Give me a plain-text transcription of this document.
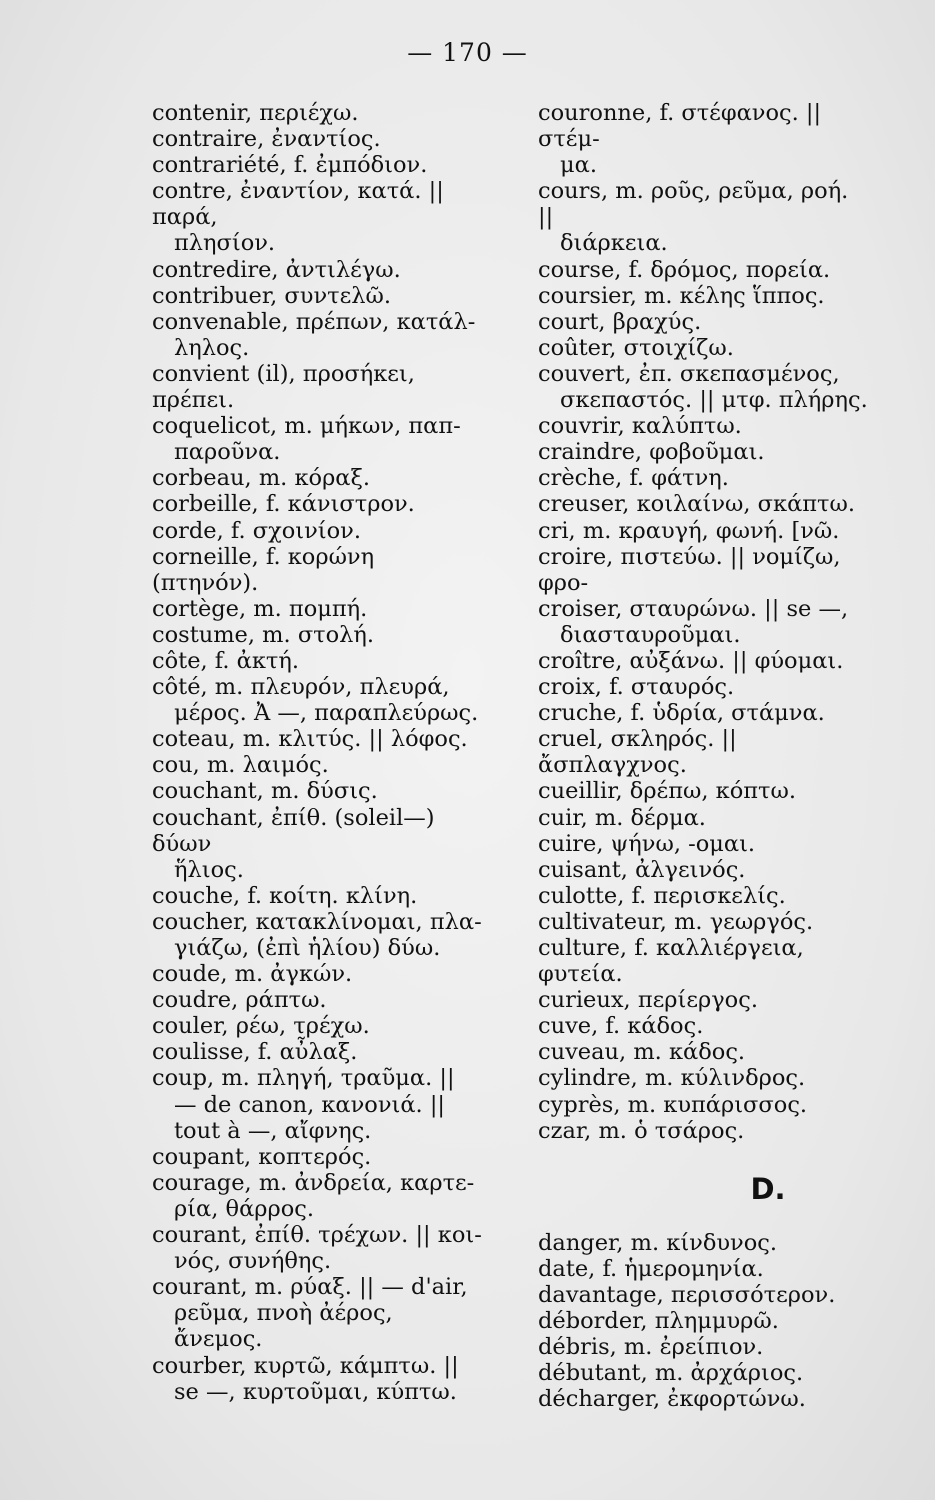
— 170 —
contenir, περιέχω.
contraire, ἐναντίος.
contrariété, f. ἐμπόδιον.
contre, ἐναντίον, κατά. || παρά,
πλησίον.
contredire, ἀντιλέγω.
contribuer, συντελῶ.
convenable, πρέπων, κατάλ-
ληλος.
convient (il), προσήκει, πρέπει.
coquelicot, m. μήκων, παπ-
παροῦνα.
corbeau, m. κόραξ.
corbeille, f. κάνιστρον.
corde, f. σχοινίον.
corneille, f. κορώνη (πτηνόν).
cortège, m. πομπή.
costume, m. στολή.
côte, f. ἀκτή.
côté, m. πλευρόν, πλευρά,
μέρος. Ἀ —, παραπλεύρως.
coteau, m. κλιτύς. || λόφος.
cou, m. λαιμός.
couchant, m. δύσις.
couchant, ἐπίθ. (soleil—) δύων
ἥλιος.
couche, f. κοίτη. κλίνη.
coucher, κατακλίνομαι, πλα-
γιάζω, (ἐπὶ ἡλίου) δύω.
coude, m. ἀγκών.
coudre, ράπτω.
couler, ρέω, τρέχω.
coulisse, f. αὖλαξ.
coup, m. πληγή, τραῦμα. ||
— de canon, κανονιά. ||
tout à —, αἴφνης.
coupant, κοπτερός.
courage, m. ἀνδρεία, καρτε-
ρία, θάρρος.
courant, ἐπίθ. τρέχων. || κοι-
νός, συνήθης.
courant, m. ρύαξ. || — d'air,
ρεῦμα, πνοὴ ἀέρος, ἄνεμος.
courber, κυρτῶ, κάμπτω. ||
se —, κυρτοῦμαι, κύπτω.
couronne, f. στέφανος. || στέμ-
μα.
cours, m. ροῦς, ρεῦμα, ροή. ||
διάρκεια.
course, f. δρόμος, πορεία.
coursier, m. κέλης ἵππος.
court, βραχύς.
coûter, στοιχίζω.
couvert, ἐπ. σκεπασμένος,
σκεπαστός. || μτφ. πλήρης.
couvrir, καλύπτω.
craindre, φοβοῦμαι.
crèche, f. φάτνη.
creuser, κοιλαίνω, σκάπτω.
cri, m. κραυγή, φωνή. [νῶ.
croire, πιστεύω. || νομίζω, φρο-
croiser, σταυρώνω. || se —,
διασταυροῦμαι.
croître, αὐξάνω. || φύομαι.
croix, f. σταυρός.
cruche, f. ὑδρία, στάμνα.
cruel, σκληρός. || ἄσπλαγχνος.
cueillir, δρέπω, κόπτω.
cuir, m. δέρμα.
cuire, ψήνω, -ομαι.
cuisant, ἀλγεινός.
culotte, f. περισκελίς.
cultivateur, m. γεωργός.
culture, f. καλλιέργεια, φυτεία.
curieux, περίεργος.
cuve, f. κάδος.
cuveau, m. κάδος.
cylindre, m. κύλινδρος.
cyprès, m. κυπάρισσος.
czar, m. ὁ τσάρος.
D.
danger, m. κίνδυνος.
date, f. ἡμερομηνία.
davantage, περισσότερον.
déborder, πλημμυρῶ.
débris, m. ἐρείπιον.
débutant, m. ἀρχάριος.
décharger, ἐκφορτώνω.
